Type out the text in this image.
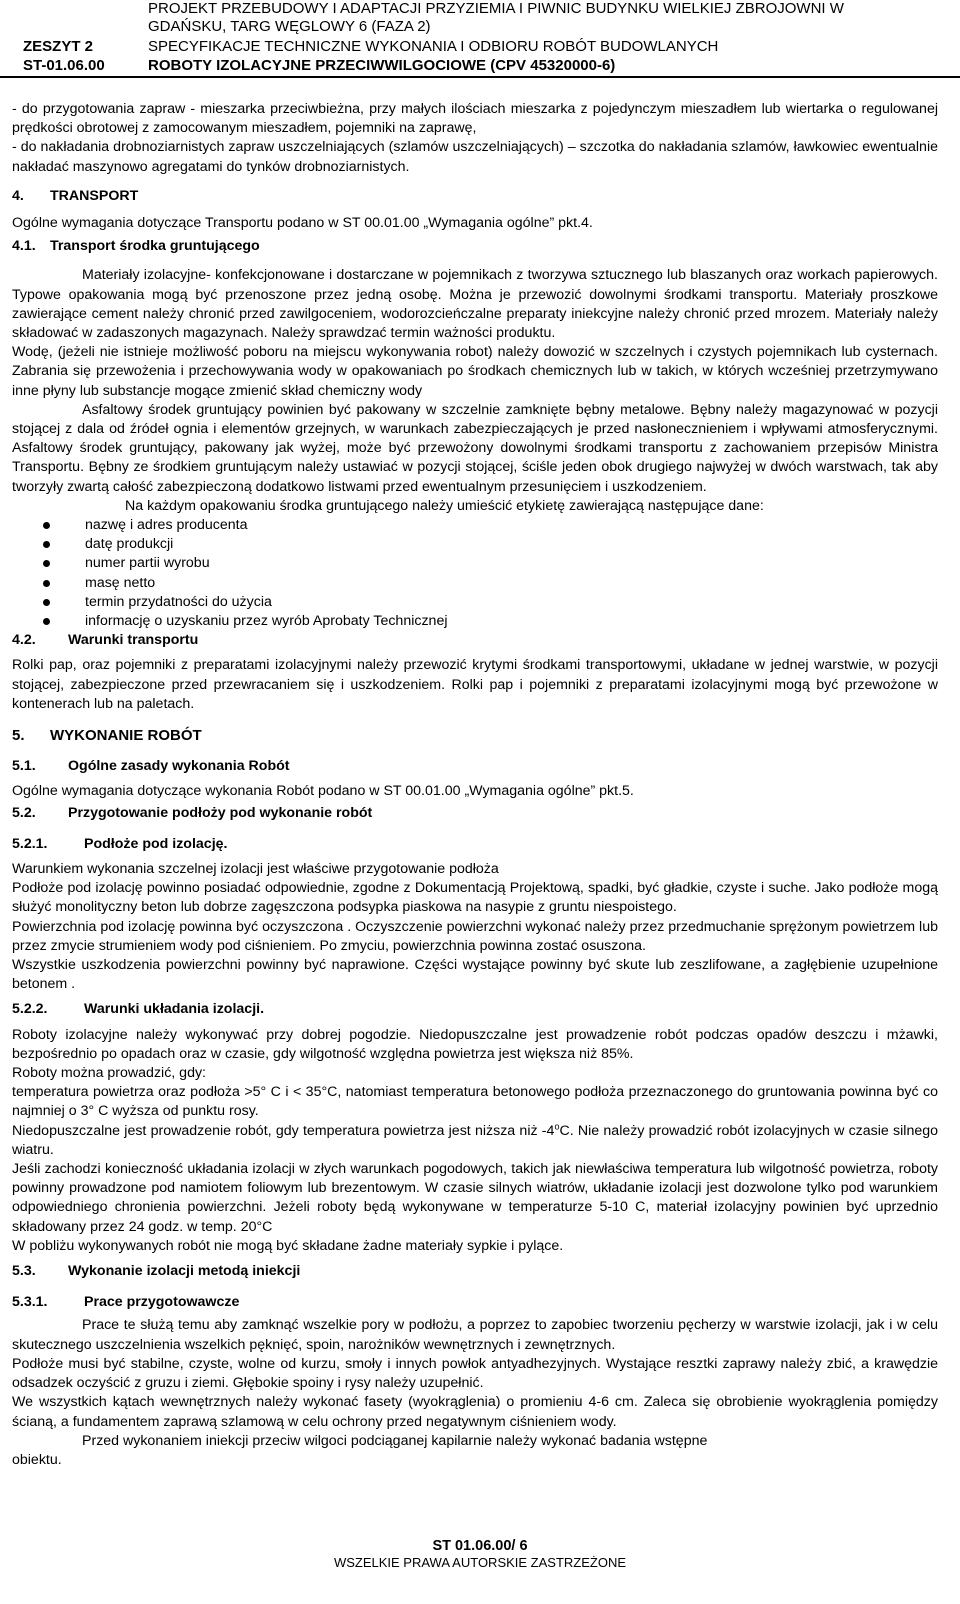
PROJEKT PRZEBUDOWY I ADAPTACJI PRZYZIEMIA I PIWNIC BUDYNKU WIELKIEJ ZBROJOWNI W
GDAŃSKU, TARG WĘGLOWY 6 (FAZA 2)
ZESZYT 2	SPECYFIKACJE TECHNICZNE WYKONANIA I ODBIORU ROBÓT BUDOWLANYCH
ST-01.06.00	ROBOTY IZOLACYJNE PRZECIWWILGOCIOWE (CPV 45320000-6)

- do przygotowania zapraw - mieszarka przeciwbieżna, przy małych ilościach mieszarka z pojedynczym mieszadłem lub wiertarka o regulowanej prędkości obrotowej z zamocowanym mieszadłem, pojemniki na zaprawę,

- do nakładania drobnoziarnistych zapraw uszczelniających (szlamów uszczelniających) – szczotka do nakładania szlamów, ławkowiec ewentualnie nakładać maszynowo agregatami do tynków drobnoziarnistych.

4. TRANSPORT

Ogólne wymagania dotyczące Transportu podano w ST 00.01.00 „Wymagania ogólne” pkt.4.

4.1. Transport środka gruntującego

Materiały izolacyjne- konfekcjonowane i dostarczane w pojemnikach z tworzywa sztucznego lub blaszanych oraz workach papierowych. Typowe opakowania mogą być przenoszone przez jedną osobę. Można je przewozić dowolnymi środkami transportu. Materiały proszkowe zawierające cement należy chronić przed zawilgoceniem, wodorozcieńczalne preparaty iniekcyjne należy chronić przed mrozem. Materiały należy składować w zadaszonych magazynach. Należy sprawdzać termin ważności produktu.

Wodę, (jeżeli nie istnieje możliwość poboru na miejscu wykonywania robot) należy dowozić w szczelnych i czystych pojemnikach lub cysternach. Zabrania się przewożenia i przechowywania wody w opakowaniach po środkach chemicznych lub w takich, w których wcześniej przetrzymywano inne płyny lub substancje mogące zmienić skład chemiczny wody

Asfaltowy środek gruntujący powinien być pakowany w szczelnie zamknięte bębny metalowe. Bębny należy magazynować w pozycji stojącej z dala od źródeł ognia i elementów grzejnych, w warunkach zabezpieczających je przed nasłonecznieniem i wpływami atmosferycznymi. Asfaltowy środek gruntujący, pakowany jak wyżej, może być przewożony dowolnymi środkami transportu z zachowaniem przepisów Ministra Transportu. Bębny ze środkiem gruntującym należy ustawiać w pozycji stojącej, ściśle jeden obok drugiego najwyżej w dwóch warstwach, tak aby tworzyły zwartą całość zabezpieczoną dodatkowo listwami przed ewentualnym przesunięciem i uszkodzeniem.

Na każdym opakowaniu środka gruntującego należy umieścić etykietę zawierającą następujące dane:

nazwę i adres producenta
datę produkcji
numer partii wyrobu
masę netto
termin przydatności do użycia
informację o uzyskaniu przez wyrób Aprobaty Technicznej
4.2. Warunki transportu

Rolki pap, oraz pojemniki z preparatami izolacyjnymi należy przewozić krytymi środkami transportowymi, układane w jednej warstwie, w pozycji stojącej, zabezpieczone przed przewracaniem się i uszkodzeniem. Rolki pap i pojemniki z preparatami izolacyjnymi mogą być przewożone w kontenerach lub na paletach.

5. WYKONANIE ROBÓT
5.1. Ogólne zasady wykonania Robót

Ogólne wymagania dotyczące wykonania Robót podano w ST 00.01.00 „Wymagania ogólne” pkt.5.

5.2. Przygotowanie podłoży pod wykonanie robót
5.2.1.	Podłoże pod izolację.

Warunkiem wykonania szczelnej izolacji jest właściwe przygotowanie podłoża

Podłoże pod izolację powinno posiadać odpowiednie, zgodne z Dokumentacją Projektową, spadki, być gładkie, czyste i suche. Jako podłoże mogą służyć monolityczny beton lub dobrze zagęszczona podsypka piaskowa na nasypie z gruntu niespoistego.

Powierzchnia pod izolację powinna być oczyszczona . Oczyszczenie powierzchni wykonać należy przez przedmuchanie sprężonym powietrzem lub przez zmycie strumieniem wody pod ciśnieniem. Po zmyciu, powierzchnia powinna zostać osuszona.

Wszystkie uszkodzenia powierzchni powinny być naprawione. Części wystające powinny być skute lub zeszlifowane, a zagłębienie uzupełnione betonem .

5.2.2.	Warunki układania izolacji.

Roboty izolacyjne należy wykonywać przy dobrej pogodzie. Niedopuszczalne jest prowadzenie robót podczas opadów deszczu i mżawki, bezpośrednio po opadach oraz w czasie, gdy wilgotność względna powietrza jest większa niż 85%.

Roboty można prowadzić, gdy:

temperatura powietrza oraz podłoża >5° C i < 35°C, natomiast temperatura betonowego podłoża przeznaczonego do gruntowania powinna być co najmniej o 3° C wyższa od punktu rosy.

Niedopuszczalne jest prowadzenie robót, gdy temperatura powietrza jest niższa niż -4$^o$C. Nie należy prowadzić robót izolacyjnych w czasie silnego wiatru.

Jeśli zachodzi konieczność układania izolacji w złych warunkach pogodowych, takich jak niewłaściwa temperatura lub wilgotność powietrza, roboty powinny prowadzone pod namiotem foliowym lub brezentowym. W czasie silnych wiatrów, układanie izolacji jest dozwolone tylko pod warunkiem odpowiedniego chronienia powierzchni. Jeżeli roboty będą wykonywane w temperaturze 5-10 C, materiał izolacyjny powinien być uprzednio składowany przez 24 godz. w temp. 20°C

W pobliżu wykonywanych robót nie mogą być składane żadne materiały sypkie i pylące.

5.3. Wykonanie izolacji metodą iniekcji
5.3.1.	Prace przygotowawcze

Prace te służą temu aby zamknąć wszelkie pory w podłożu, a poprzez to zapobiec tworzeniu pęcherzy w warstwie izolacji, jak i w celu skutecznego uszczelnienia wszelkich pęknięć, spoin, narożników wewnętrznych i zewnętrznych.

Podłoże musi być stabilne, czyste, wolne od kurzu, smoły i innych powłok antyadhezyjnych. Wystające resztki zaprawy należy zbić, a krawędzie odsadzek oczyścić z gruzu i ziemi. Głębokie spoiny i rysy należy uzupełnić.

We wszystkich kątach wewnętrznych należy wykonać fasety (wyokrąglenia) o promieniu 4-6 cm. Zaleca się obrobienie wyokrąglenia pomiędzy ścianą, a fundamentem zaprawą szlamową w celu ochrony przed negatywnym ciśnieniem wody.

Przed wykonaniem iniekcji przeciw wilgoci podciąganej kapilarnie należy wykonać badania wstępne

obiektu.

ST 01.06.00/ 6
WSZELKIE PRAWA AUTORSKIE ZASTRZEŻONE
